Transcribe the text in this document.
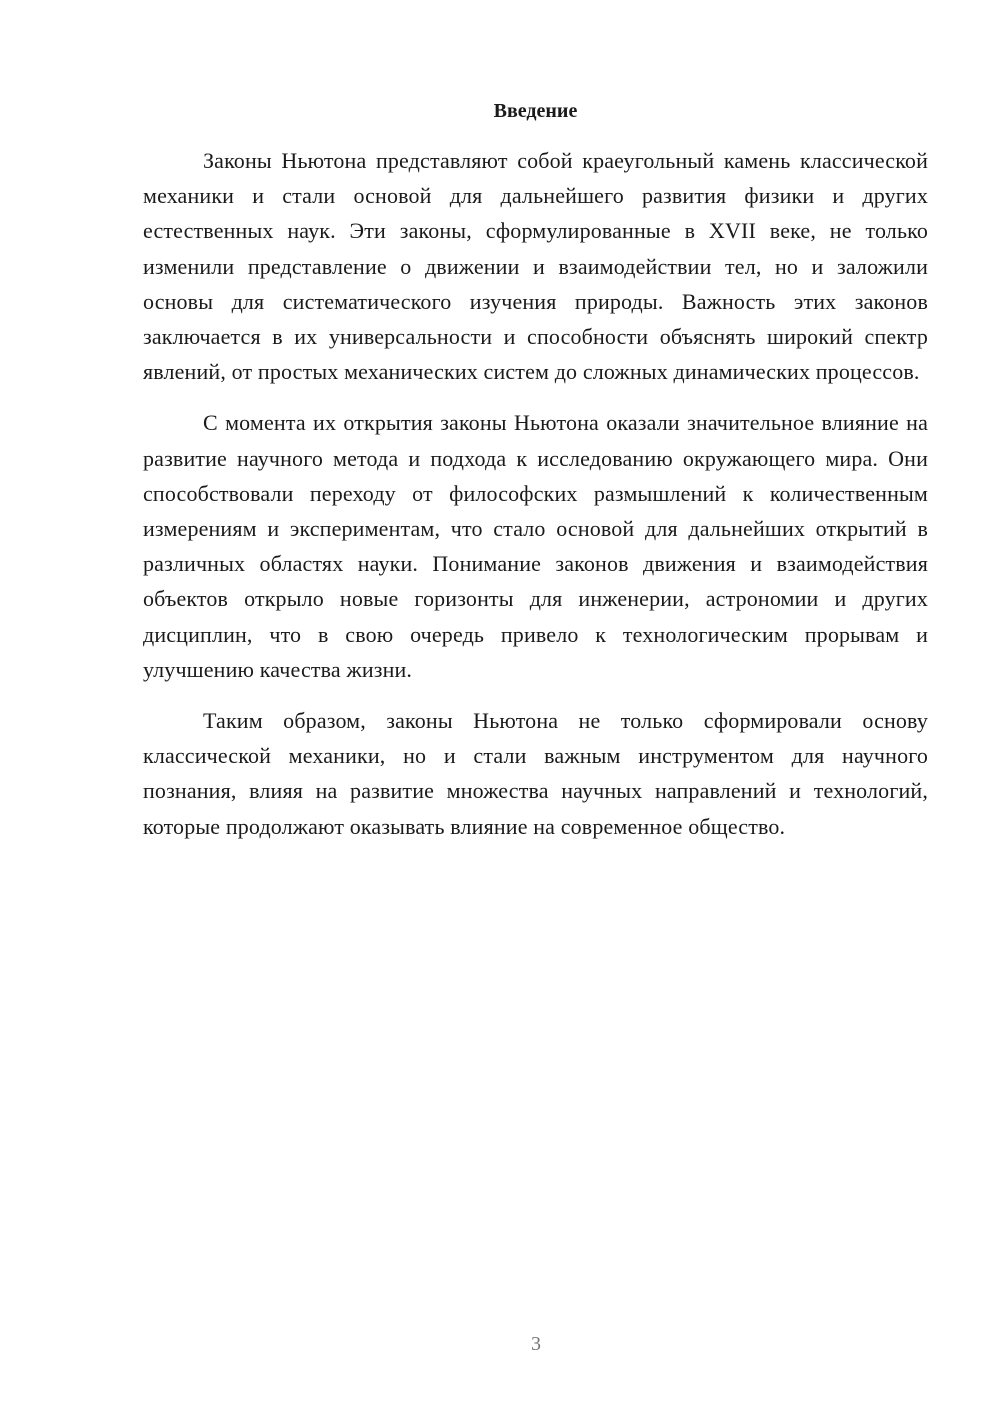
Введение

Законы Ньютона представляют собой краеугольный камень классической механики и стали основой для дальнейшего развития физики и других естественных наук. Эти законы, сформулированные в XVII веке, не только изменили представление о движении и взаимодействии тел, но и заложили основы для систематического изучения природы. Важность этих законов заключается в их универсальности и способности объяснять широкий спектр явлений, от простых механических систем до сложных динамических процессов.

С момента их открытия законы Ньютона оказали значительное влияние на развитие научного метода и подхода к исследованию окружающего мира. Они способствовали переходу от философских размышлений к количественным измерениям и экспериментам, что стало основой для дальнейших открытий в различных областях науки. Понимание законов движения и взаимодействия объектов открыло новые горизонты для инженерии, астрономии и других дисциплин, что в свою очередь привело к технологическим прорывам и улучшению качества жизни.

Таким образом, законы Ньютона не только сформировали основу классической механики, но и стали важным инструментом для научного познания, влияя на развитие множества научных направлений и технологий, которые продолжают оказывать влияние на современное общество.

3
